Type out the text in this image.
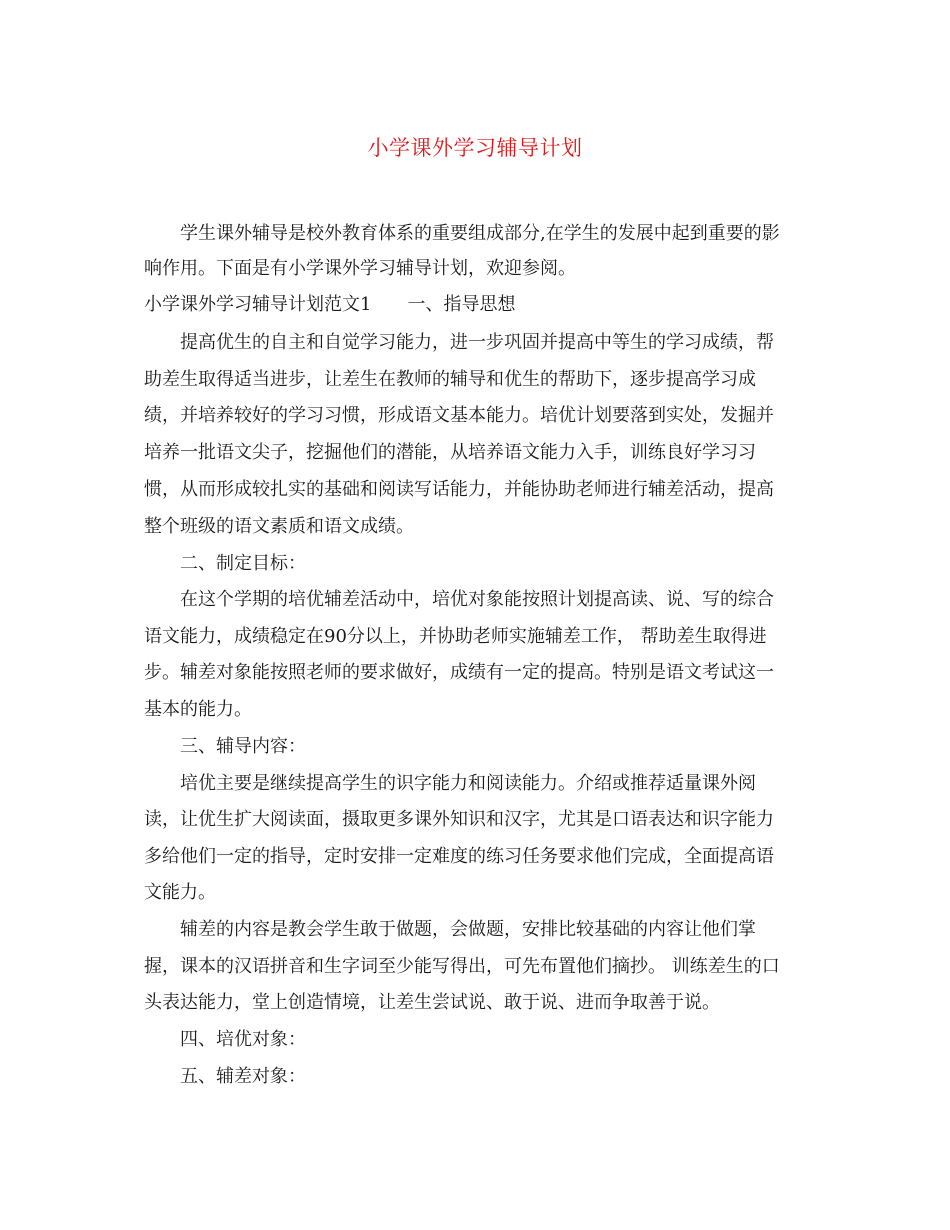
小学课外学习辅导计划
学生课外辅导是校外教育体系的重要组成部分,在学生的发展中起到重要的影
响作用。下面是有小学课外学习辅导计划，欢迎参阅。
小学课外学习辅导计划范文1　　一、指导思想
提高优生的自主和自觉学习能力，进一步巩固并提高中等生的学习成绩，帮
助差生取得适当进步，让差生在教师的辅导和优生的帮助下，逐步提高学习成
绩，并培养较好的学习习惯，形成语文基本能力。培优计划要落到实处，发掘并
培养一批语文尖子，挖掘他们的潜能，从培养语文能力入手，训练良好学习习
惯，从而形成较扎实的基础和阅读写话能力，并能协助老师进行辅差活动，提高
整个班级的语文素质和语文成绩。
二、制定目标：
在这个学期的培优辅差活动中，培优对象能按照计划提高读、说、写的综合
语文能力，成绩稳定在90分以上，并协助老师实施辅差工作， 帮助差生取得进
步。辅差对象能按照老师的要求做好，成绩有一定的提高。特别是语文考试这一
基本的能力。
三、辅导内容：
培优主要是继续提高学生的识字能力和阅读能力。介绍或推荐适量课外阅
读，让优生扩大阅读面，摄取更多课外知识和汉字，尤其是口语表达和识字能力
多给他们一定的指导，定时安排一定难度的练习任务要求他们完成，全面提高语
文能力。
辅差的内容是教会学生敢于做题，会做题，安排比较基础的内容让他们掌
握，课本的汉语拼音和生字词至少能写得出，可先布置他们摘抄。 训练差生的口
头表达能力，堂上创造情境，让差生尝试说、敢于说、进而争取善于说。
四、培优对象：
五、辅差对象：
